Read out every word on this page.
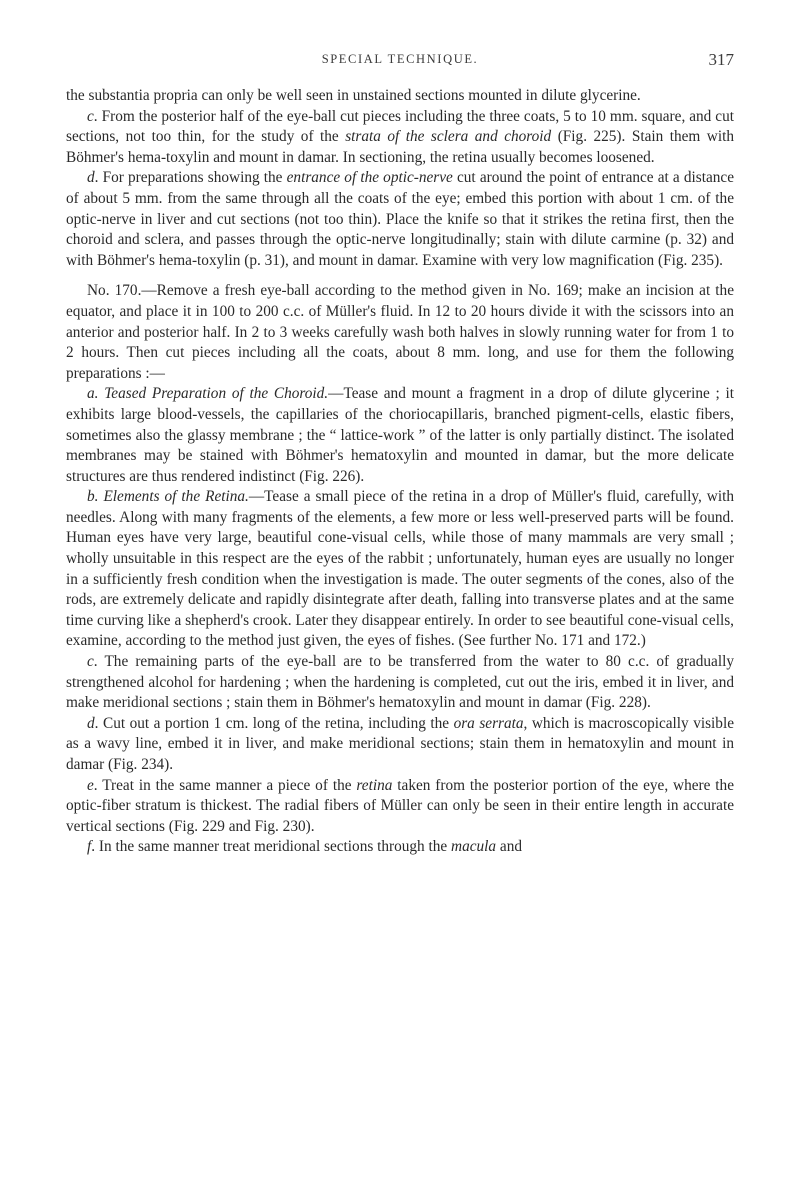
SPECIAL TECHNIQUE.	317

the substantia propria can only be well seen in unstained sections mounted in dilute glycerine.

c. From the posterior half of the eye-ball cut pieces including the three coats, 5 to 10 mm. square, and cut sections, not too thin, for the study of the strata of the sclera and choroid (Fig. 225). Stain them with Böhmer's hema-toxylin and mount in damar. In sectioning, the retina usually becomes loosened.

d. For preparations showing the entrance of the optic-nerve cut around the point of entrance at a distance of about 5 mm. from the same through all the coats of the eye; embed this portion with about 1 cm. of the optic-nerve in liver and cut sections (not too thin). Place the knife so that it strikes the retina first, then the choroid and sclera, and passes through the optic-nerve longitudinally; stain with dilute carmine (p. 32) and with Böhmer's hema-toxylin (p. 31), and mount in damar. Examine with very low magnification (Fig. 235).

No. 170.—Remove a fresh eye-ball according to the method given in No. 169; make an incision at the equator, and place it in 100 to 200 c.c. of Müller's fluid. In 12 to 20 hours divide it with the scissors into an anterior and posterior half. In 2 to 3 weeks carefully wash both halves in slowly running water for from 1 to 2 hours. Then cut pieces including all the coats, about 8 mm. long, and use for them the following preparations :—

a. Teased Preparation of the Choroid.—Tease and mount a fragment in a drop of dilute glycerine ; it exhibits large blood-vessels, the capillaries of the choriocapillaris, branched pigment-cells, elastic fibers, sometimes also the glassy membrane ; the “ lattice-work ” of the latter is only partially distinct. The isolated membranes may be stained with Böhmer's hematoxylin and mounted in damar, but the more delicate structures are thus rendered indistinct (Fig. 226).

b. Elements of the Retina.—Tease a small piece of the retina in a drop of Müller's fluid, carefully, with needles. Along with many fragments of the elements, a few more or less well-preserved parts will be found. Human eyes have very large, beautiful cone-visual cells, while those of many mammals are very small ; wholly unsuitable in this respect are the eyes of the rabbit ; unfortunately, human eyes are usually no longer in a sufficiently fresh condition when the investigation is made. The outer segments of the cones, also of the rods, are extremely delicate and rapidly disintegrate after death, falling into transverse plates and at the same time curving like a shepherd's crook. Later they disappear entirely. In order to see beautiful cone-visual cells, examine, according to the method just given, the eyes of fishes. (See further No. 171 and 172.)

c. The remaining parts of the eye-ball are to be transferred from the water to 80 c.c. of gradually strengthened alcohol for hardening ; when the hardening is completed, cut out the iris, embed it in liver, and make meridional sections ; stain them in Böhmer's hematoxylin and mount in damar (Fig. 228).

d. Cut out a portion 1 cm. long of the retina, including the ora serrata, which is macroscopically visible as a wavy line, embed it in liver, and make meridional sections; stain them in hematoxylin and mount in damar (Fig. 234).

e. Treat in the same manner a piece of the retina taken from the posterior portion of the eye, where the optic-fiber stratum is thickest. The radial fibers of Müller can only be seen in their entire length in accurate vertical sections (Fig. 229 and Fig. 230).

f. In the same manner treat meridional sections through the macula and
